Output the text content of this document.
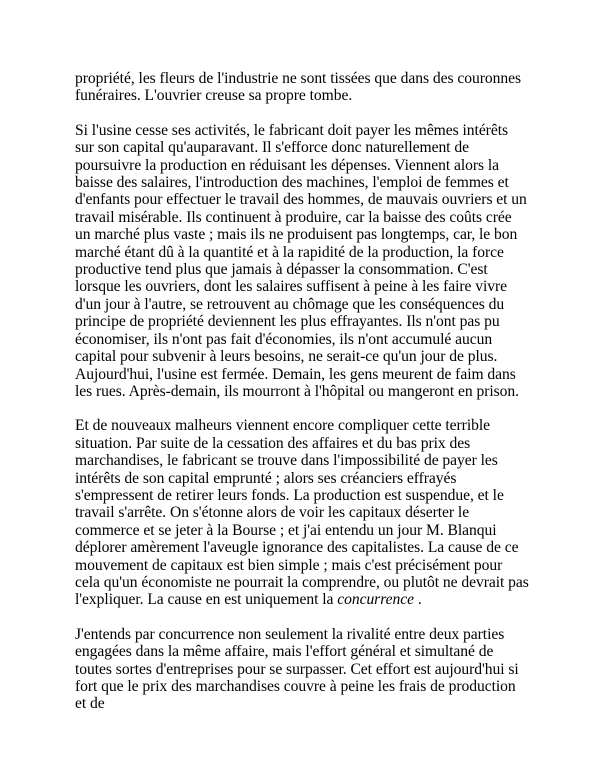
propriété, les fleurs de l'industrie ne sont tissées que dans des couronnes funéraires. L'ouvrier creuse sa propre tombe.

Si l'usine cesse ses activités, le fabricant doit payer les mêmes intérêts sur son capital qu'auparavant. Il s'efforce donc naturellement de poursuivre la production en réduisant les dépenses. Viennent alors la baisse des salaires, l'introduction des machines, l'emploi de femmes et d'enfants pour effectuer le travail des hommes, de mauvais ouvriers et un travail misérable. Ils continuent à produire, car la baisse des coûts crée un marché plus vaste ; mais ils ne produisent pas longtemps, car, le bon marché étant dû à la quantité et à la rapidité de la production, la force productive tend plus que jamais à dépasser la consommation. C'est lorsque les ouvriers, dont les salaires suffisent à peine à les faire vivre d'un jour à l'autre, se retrouvent au chômage que les conséquences du principe de propriété deviennent les plus effrayantes. Ils n'ont pas pu économiser, ils n'ont pas fait d'économies, ils n'ont accumulé aucun capital pour subvenir à leurs besoins, ne serait-ce qu'un jour de plus. Aujourd'hui, l'usine est fermée. Demain, les gens meurent de faim dans les rues. Après-demain, ils mourront à l'hôpital ou mangeront en prison.

Et de nouveaux malheurs viennent encore compliquer cette terrible situation. Par suite de la cessation des affaires et du bas prix des marchandises, le fabricant se trouve dans l'impossibilité de payer les intérêts de son capital emprunté ; alors ses créanciers effrayés s'empressent de retirer leurs fonds. La production est suspendue, et le travail s'arrête. On s'étonne alors de voir les capitaux déserter le commerce et se jeter à la Bourse ; et j'ai entendu un jour M. Blanqui déplorer amèrement l'aveugle ignorance des capitalistes. La cause de ce mouvement de capitaux est bien simple ; mais c'est précisément pour cela qu'un économiste ne pourrait la comprendre, ou plutôt ne devrait pas l'expliquer. La cause en est uniquement la concurrence .

J'entends par concurrence non seulement la rivalité entre deux parties engagées dans la même affaire, mais l'effort général et simultané de toutes sortes d'entreprises pour se surpasser. Cet effort est aujourd'hui si fort que le prix des marchandises couvre à peine les frais de production et de
